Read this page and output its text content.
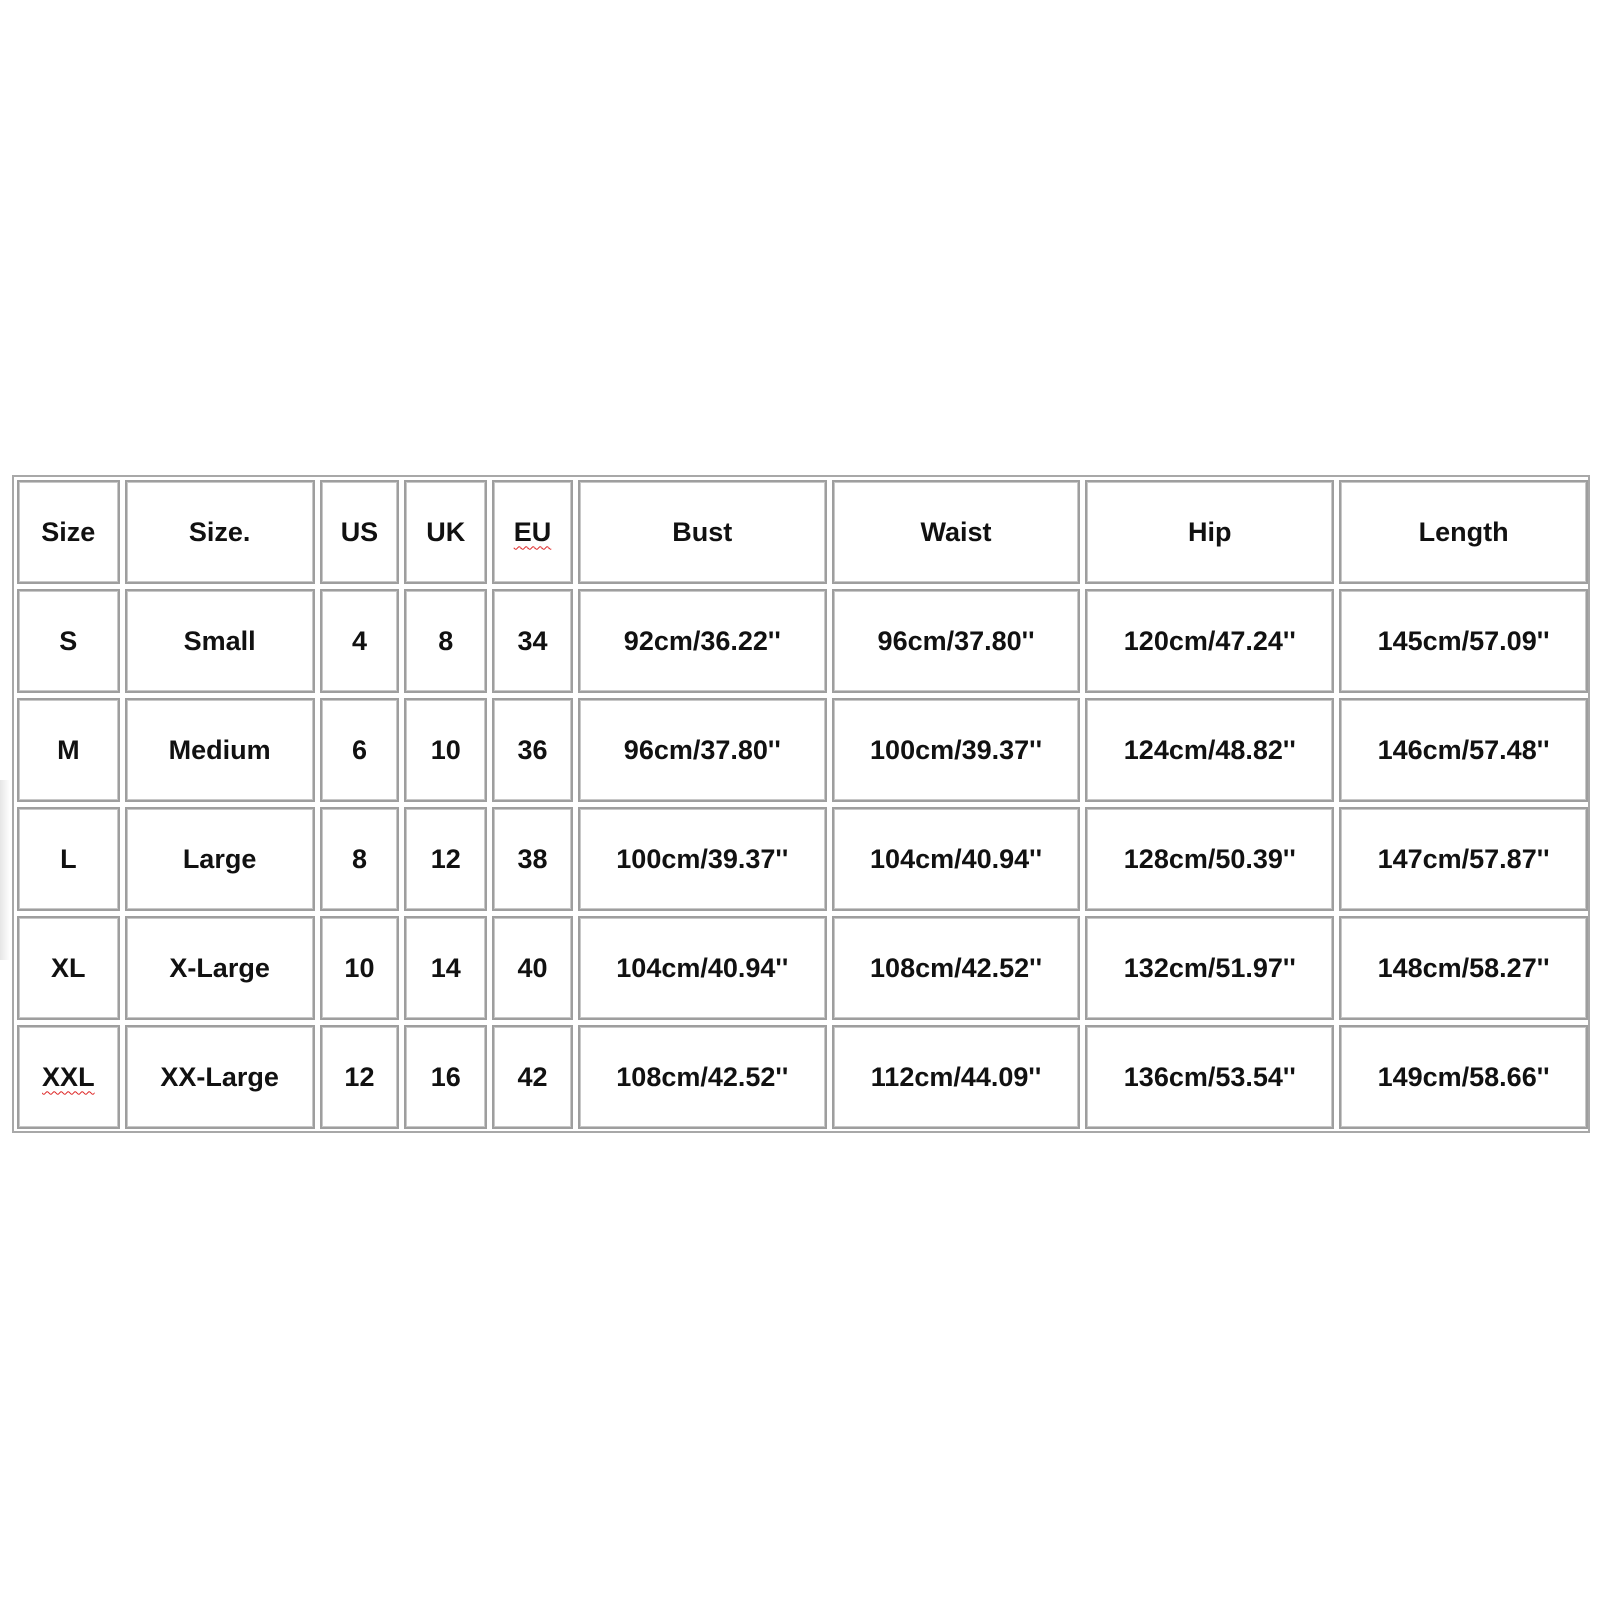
Size	Size.	US	UK	EU	Bust	Waist	Hip	Length
S	Small	4	8	34	92cm/36.22''	96cm/37.80''	120cm/47.24''	145cm/57.09''
M	Medium	6	10	36	96cm/37.80''	100cm/39.37''	124cm/48.82''	146cm/57.48''
L	Large	8	12	38	100cm/39.37''	104cm/40.94''	128cm/50.39''	147cm/57.87''
XL	X-Large	10	14	40	104cm/40.94''	108cm/42.52''	132cm/51.97''	148cm/58.27''
XXL	XX-Large	12	16	42	108cm/42.52''	112cm/44.09''	136cm/53.54''	149cm/58.66''
